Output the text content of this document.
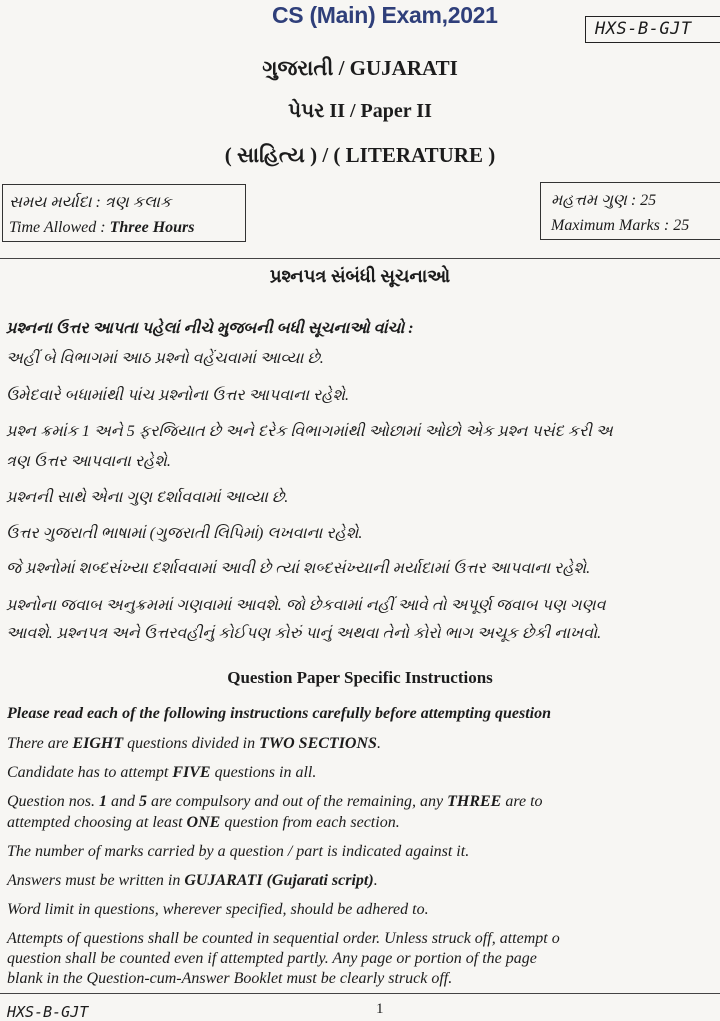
CS (Main) Exam,2021
HXS-B-GJT
ગુજરાતી / GUJARATI
પેપર II / Paper II
( સાહિત્ય ) / ( LITERATURE )
સમય મર્યાદા : ત્રણ કલાક
Time Allowed : Three Hours
મહત્તમ ગુણ : 25
Maximum Marks : 25
પ્રશ્નપત્ર સંબંધી સૂચનાઓ
પ્રશ્નના ઉત્તર આપતા પહેલાં નીચે મુજબની બધી સૂચનાઓ વાંચો :
અહીં બે વિભાગમાં આઠ પ્રશ્નો વહેંચવામાં આવ્યા છે.
ઉમેદવારે બધામાંથી પાંચ પ્રશ્નોના ઉત્તર આપવાના રહેશે.
પ્રશ્ન ક્રમાંક 1 અને 5 ફરજિયાત છે અને દરેક વિભાગમાંથી ઓછામાં ઓછો એક પ્રશ્ન પસંદ કરી અ
ત્રણ ઉત્તર આપવાના રહેશે.
પ્રશ્નની સાથે એના ગુણ દર્શાવવામાં આવ્યા છે.
ઉત્તર ગુજરાતી ભાષામાં (ગુજરાતી લિપિમાં) લખવાના રહેશે.
જે પ્રશ્નોમાં શબ્દસંખ્યા દર્શાવવામાં આવી છે ત્યાં શબ્દસંખ્યાની મર્યાદામાં ઉત્તર આપવાના રહેશે.
પ્રશ્નોના જવાબ અનુક્રમમાં ગણવામાં આવશે. જો છેકવામાં નહીં આવે તો અપૂર્ણ જવાબ પણ ગણવ
આવશે. પ્રશ્નપત્ર અને ઉત્તરવહીનું કોઈપણ કોરું પાનું અથવા તેનો કોરો ભાગ અચૂક છેકી નાખવો.
Question Paper Specific Instructions
Please read each of the following instructions carefully before attempting question
There are EIGHT questions divided in TWO SECTIONS.
Candidate has to attempt FIVE questions in all.
Question nos. 1 and 5 are compulsory and out of the remaining, any THREE are to
attempted choosing at least ONE question from each section.
The number of marks carried by a question / part is indicated against it.
Answers must be written in GUJARATI (Gujarati script).
Word limit in questions, wherever specified, should be adhered to.
Attempts of questions shall be counted in sequential order. Unless struck off, attempt o
question shall be counted even if attempted partly. Any page or portion of the page
blank in the Question-cum-Answer Booklet must be clearly struck off.
HXS-B-GJT	1
